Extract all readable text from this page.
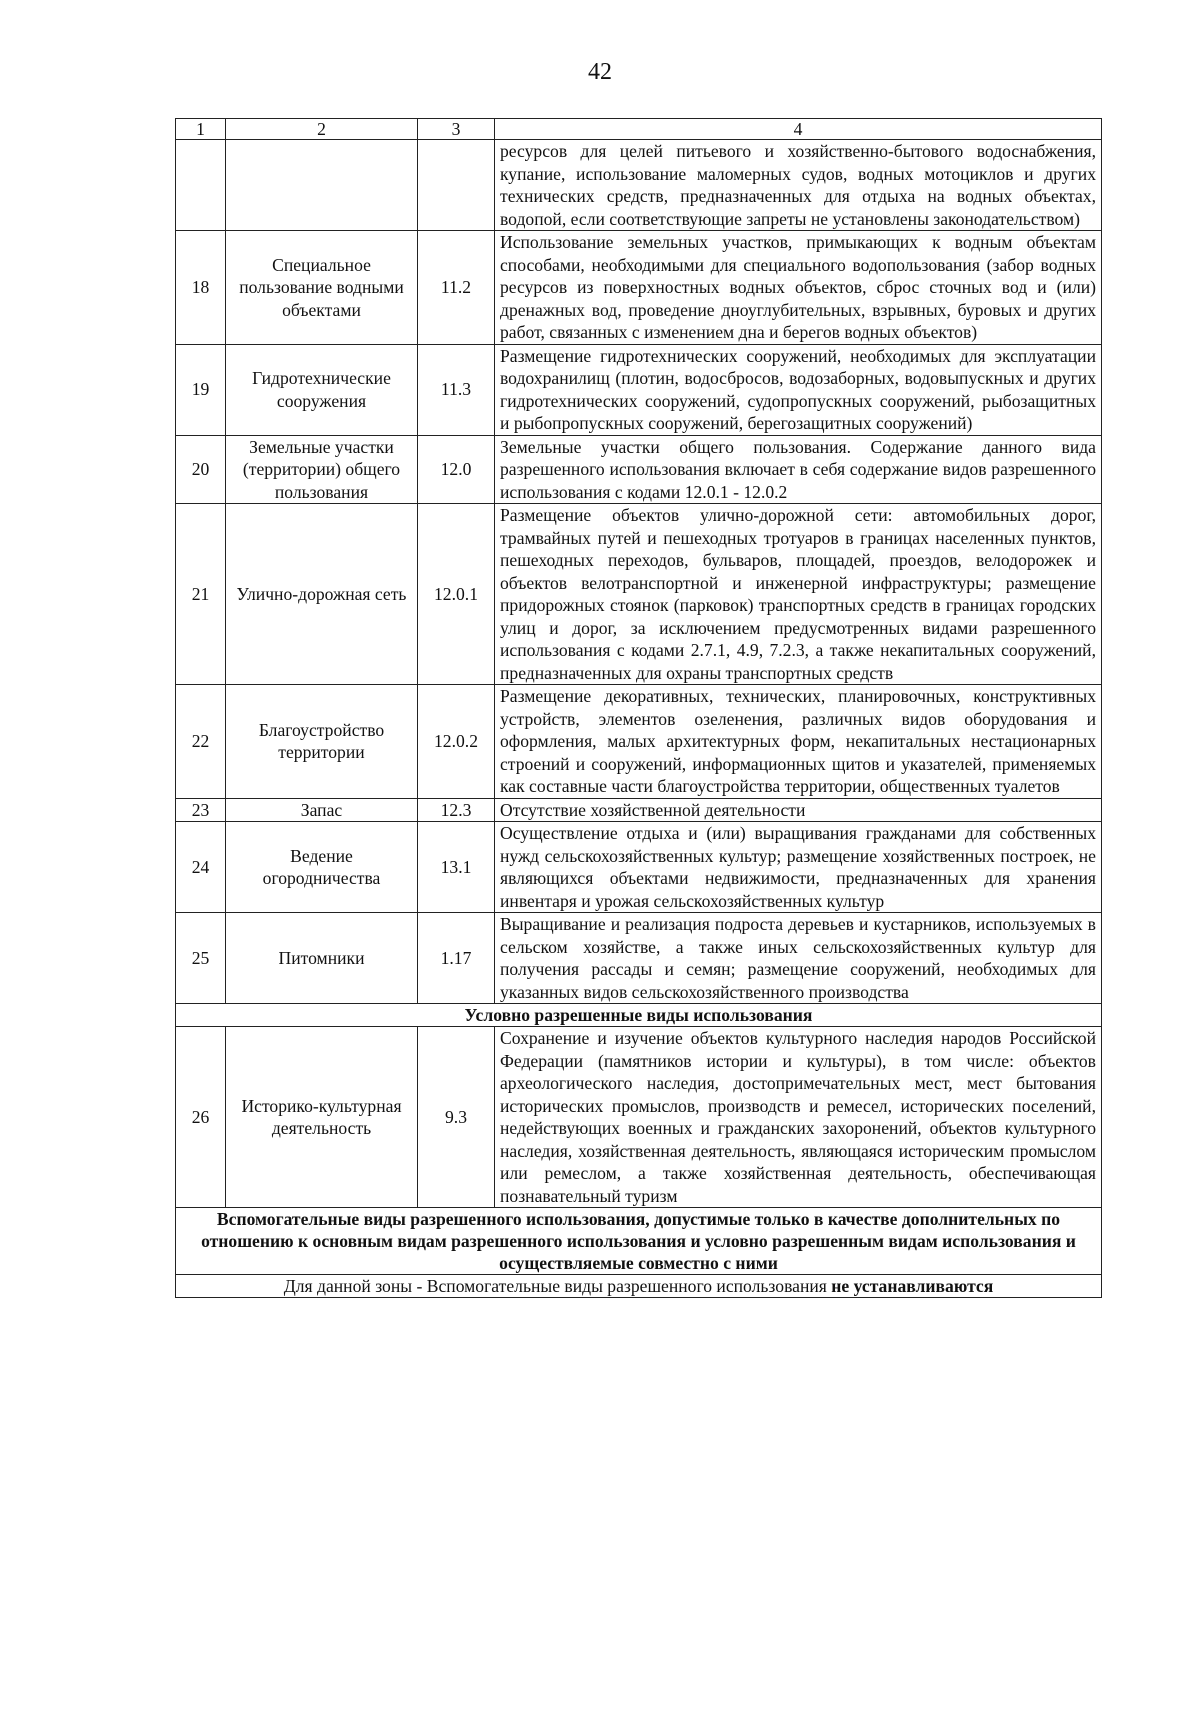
42
1	2	3	4
			ресурсов для целей питьевого и хозяйственно-бытового водоснабжения, купание, использование маломерных судов, водных мотоциклов и других технических средств, предназначенных для отдыха на водных объектах, водопой, если соответствующие запреты не установлены законодательством)
18	Специальное пользование водными объектами	11.2	Использование земельных участков, примыкающих к водным объектам способами, необходимыми для специального водопользования (забор водных ресурсов из поверхностных водных объектов, сброс сточных вод и (или) дренажных вод, проведение дноуглубительных, взрывных, буровых и других работ, связанных с изменением дна и берегов водных объектов)
19	Гидротехнические сооружения	11.3	Размещение гидротехнических сооружений, необходимых для эксплуатации водохранилищ (плотин, водосбросов, водозаборных, водовыпускных и других гидротехнических сооружений, судопропускных сооружений, рыбозащитных и рыбопропускных сооружений, берегозащитных сооружений)
20	Земельные участки (территории) общего пользования	12.0	Земельные участки общего пользования. Содержание данного вида разрешенного использования включает в себя содержание видов разрешенного использования с кодами 12.0.1 - 12.0.2
21	Улично-дорожная сеть	12.0.1	Размещение объектов улично-дорожной сети: автомобильных дорог, трамвайных путей и пешеходных тротуаров в границах населенных пунктов, пешеходных переходов, бульваров, площадей, проездов, велодорожек и объектов велотранспортной и инженерной инфраструктуры; размещение придорожных стоянок (парковок) транспортных средств в границах городских улиц и дорог, за исключением предусмотренных видами разрешенного использования с кодами 2.7.1, 4.9, 7.2.3, а также некапитальных сооружений, предназначенных для охраны транспортных средств
22	Благоустройство территории	12.0.2	Размещение декоративных, технических, планировочных, конструктивных устройств, элементов озеленения, различных видов оборудования и оформления, малых архитектурных форм, некапитальных нестационарных строений и сооружений, информационных щитов и указателей, применяемых как составные части благоустройства территории, общественных туалетов
23	Запас	12.3	Отсутствие хозяйственной деятельности
24	Ведение огородничества	13.1	Осуществление отдыха и (или) выращивания гражданами для собственных нужд сельскохозяйственных культур; размещение хозяйственных построек, не являющихся объектами недвижимости, предназначенных для хранения инвентаря и урожая сельскохозяйственных культур
25	Питомники	1.17	Выращивание и реализация подроста деревьев и кустарников, используемых в сельском хозяйстве, а также иных сельскохозяйственных культур для получения рассады и семян; размещение сооружений, необходимых для указанных видов сельскохозяйственного производства
Условно разрешенные виды использования			
26	Историко-культурная деятельность	9.3	Сохранение и изучение объектов культурного наследия народов Российской Федерации (памятников истории и культуры), в том числе: объектов археологического наследия, достопримечательных мест, мест бытования исторических промыслов, производств и ремесел, исторических поселений, недействующих военных и гражданских захоронений, объектов культурного наследия, хозяйственная деятельность, являющаяся историческим промыслом или ремеслом, а также хозяйственная деятельность, обеспечивающая познавательный туризм
Вспомогательные виды разрешенного использования, допустимые только в качестве дополнительных по отношению к основным видам разрешенного использования и условно разрешенным видам использования и осуществляемые совместно с ними			
Для данной зоны - Вспомогательные виды разрешенного использования не устанавливаются			
